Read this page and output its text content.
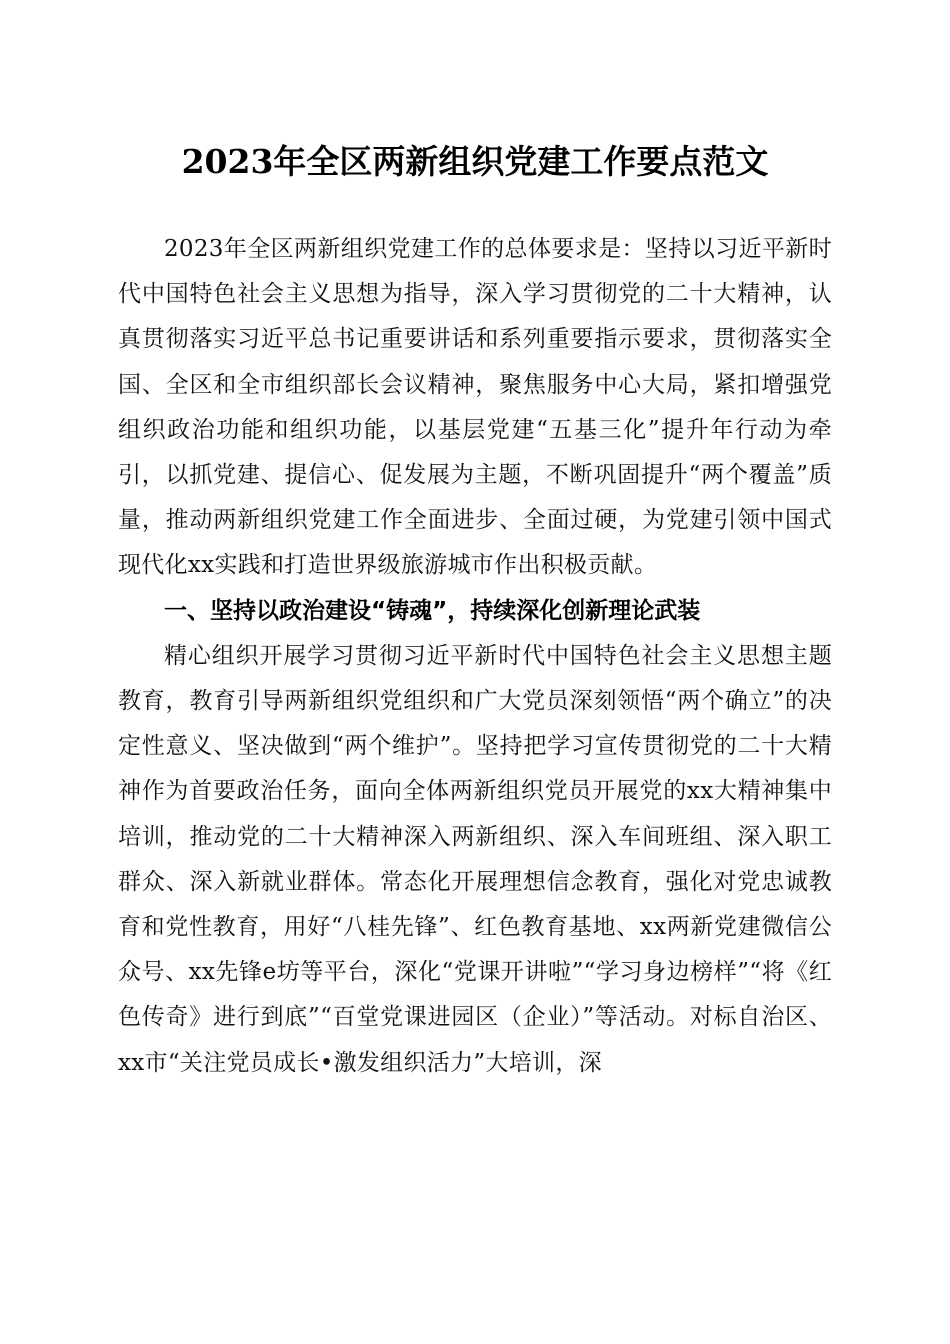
2023年全区两新组织党建工作要点范文

2023年全区两新组织党建工作的总体要求是：坚持以习近平新时代中国特色社会主义思想为指导，深入学习贯彻党的二十大精神，认真贯彻落实习近平总书记重要讲话和系列重要指示要求，贯彻落实全国、全区和全市组织部长会议精神，聚焦服务中心大局，紧扣增强党组织政治功能和组织功能，以基层党建“五基三化”提升年行动为牵引，以抓党建、提信心、促发展为主题，不断巩固提升“两个覆盖”质量，推动两新组织党建工作全面进步、全面过硬，为党建引领中国式现代化xx实践和打造世界级旅游城市作出积极贡献。

一、坚持以政治建设“铸魂”，持续深化创新理论武装

精心组织开展学习贯彻习近平新时代中国特色社会主义思想主题教育，教育引导两新组织党组织和广大党员深刻领悟“两个确立”的决定性意义、坚决做到“两个维护”。坚持把学习宣传贯彻党的二十大精神作为首要政治任务，面向全体两新组织党员开展党的xx大精神集中培训，推动党的二十大精神深入两新组织、深入车间班组、深入职工群众、深入新就业群体。常态化开展理想信念教育，强化对党忠诚教育和党性教育，用好“八桂先锋”、红色教育基地、xx两新党建微信公众号、xx先锋e坊等平台，深化“党课开讲啦”“学习身边榜样”“将《红色传奇》进行到底”“百堂党课进园区（企业）”等活动。对标自治区、xx市“关注党员成长•激发组织活力”大培训，深
